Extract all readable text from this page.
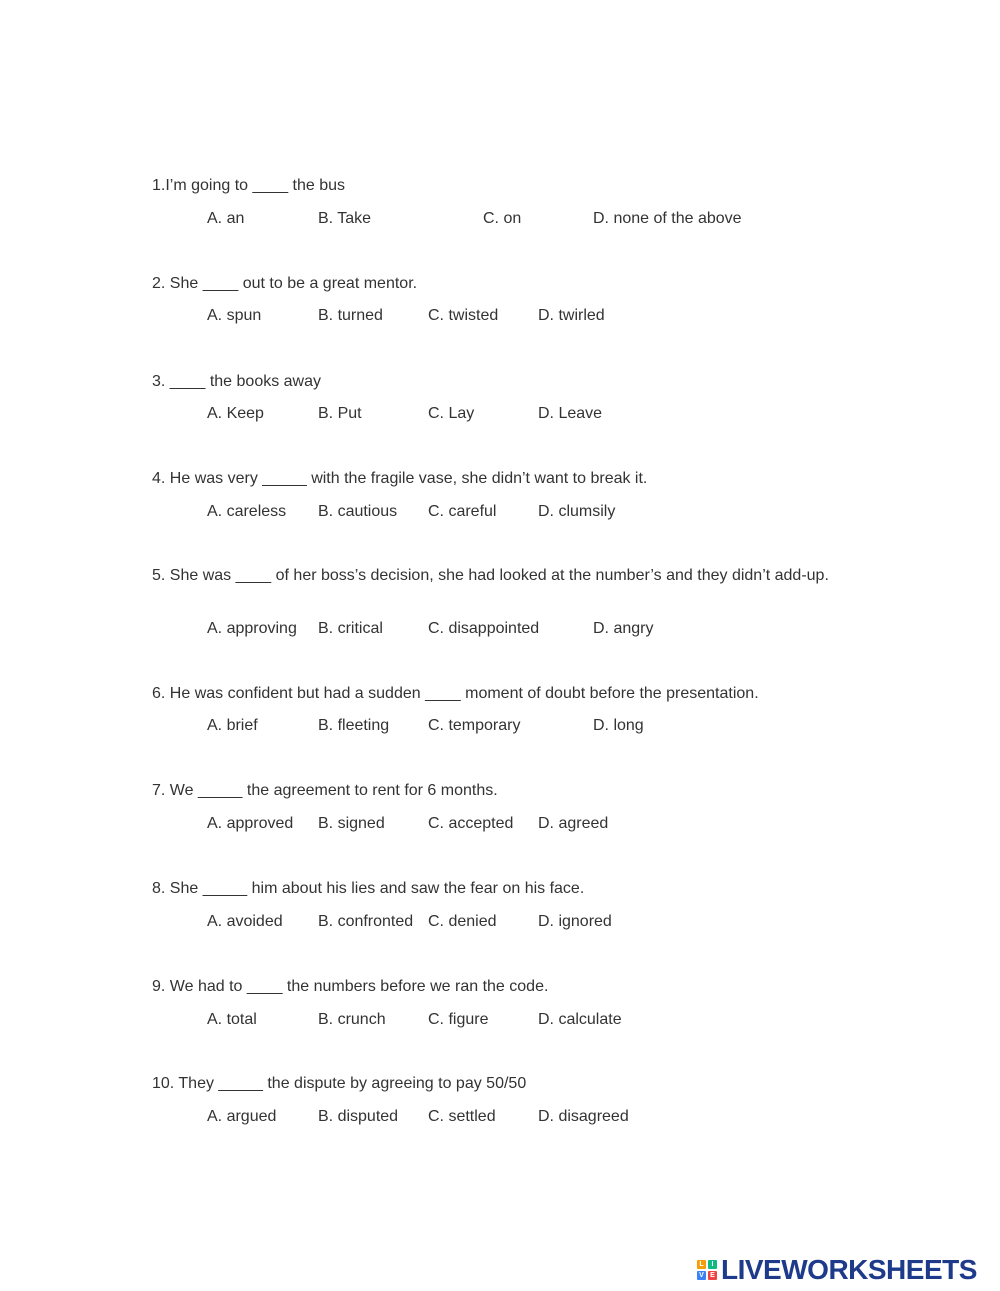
1.I’m going to ____ the bus
A. an	B. Take	C. on	D. none of the above
2. She ____ out to be a great mentor.
A. spun	B. turned	C. twisted D. twirled
3. ____ the books away
A. Keep	B. Put	C. Lay	D. Leave
4. He was very _____ with the fragile vase, she didn’t want to break it.
A. careless B. cautious C. careful	D. clumsily
5. She was ____ of her boss’s decision, she had looked at the number’s and they didn’t add-up.
A. approving B. critical	C. disappointed	D. angry
6. He was confident but had a sudden ____ moment of doubt before the presentation.
A. brief	B. fleeting C. temporary	D. long
7. We _____ the agreement to rent for 6 months.
A. approved B. signed	C. accepted D. agreed
8. She _____ him about his lies and saw the fear on his face.
A. avoided B. confronted C. denied	D. ignored
9. We had to ____ the numbers before we ran the code.
A. total	B. crunch	C. figure	D. calculate
10. They _____ the dispute by agreeing to pay 50/50
A. argued	B. disputed C. settled	D. disagreed
L	I
V E LIVEWORKSHEETS
